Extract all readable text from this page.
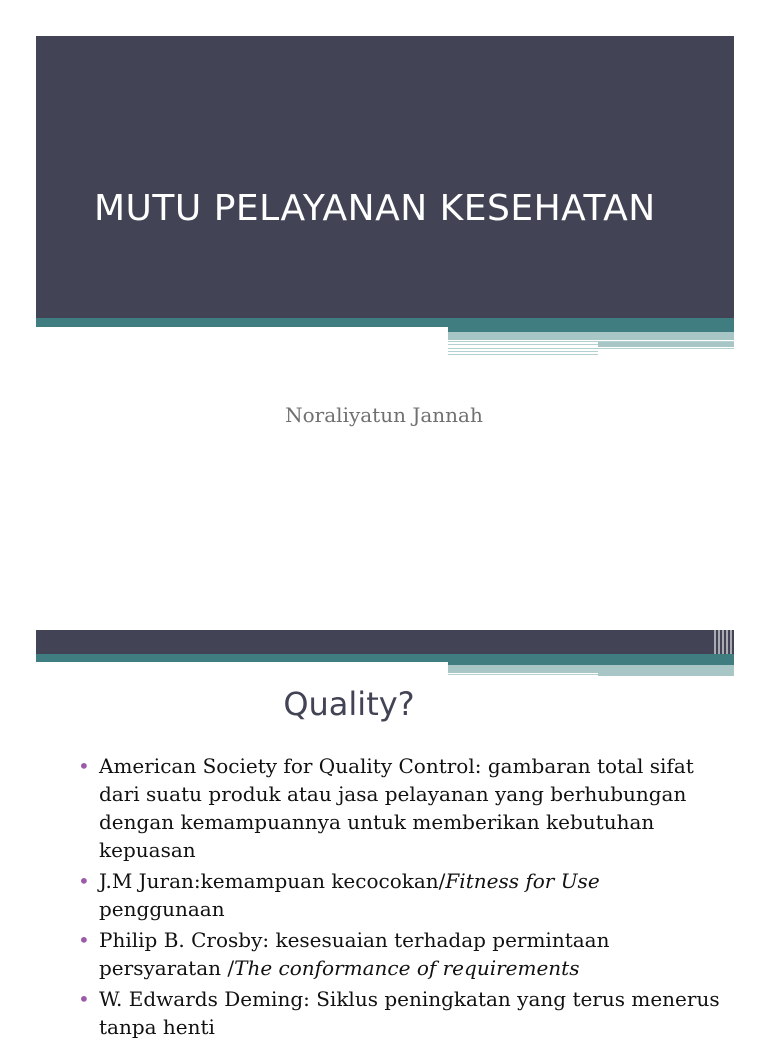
MUTU PELAYANAN KESEHATAN
Noraliyatun Jannah
Quality?
• American Society for Quality Control: gambaran total sifat dari suatu produk atau jasa pelayanan yang berhubungan dengan kemampuannya untuk memberikan kebutuhan kepuasan
• J.M Juran:kemampuan kecocokan/Fitness for Use penggunaan
• Philip B. Crosby: kesesuaian terhadap permintaan persyaratan /The conformance of requirements
• W. Edwards Deming: Siklus peningkatan yang terus menerus tanpa henti
